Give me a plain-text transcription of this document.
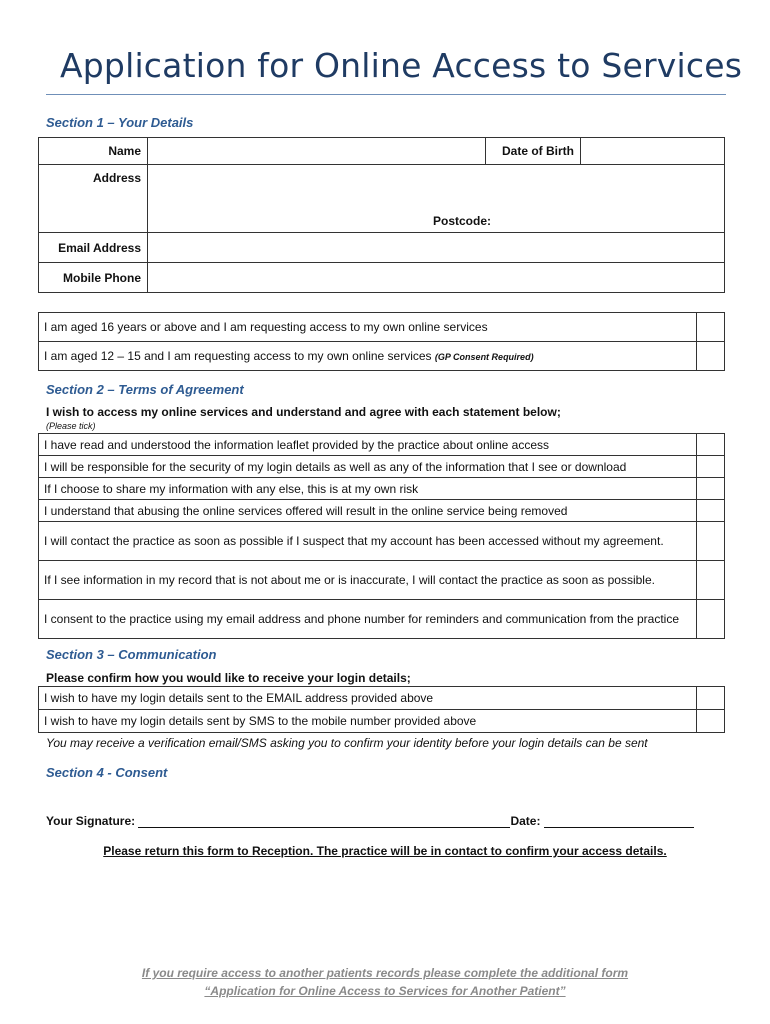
Application for Online Access to Services
Section 1 – Your Details
Name		Date of Birth	
Address	Postcode:		

Email Address			
Mobile Phone			
I am aged 16 years or above and I am requesting access to my own online services	
I am aged 12 – 15 and I am requesting access to my own online services (GP Consent Required)	
Section 2 – Terms of Agreement
I wish to access my online services and understand and agree with each statement below;
(Please tick)
I have read and understood the information leaflet provided by the practice about online access	
I will be responsible for the security of my login details as well as any of the information that I see or download	
If I choose to share my information with any else, this is at my own risk	
I understand that abusing the online services offered will result in the online service being removed	
I will contact the practice as soon as possible if I suspect that my account has been accessed without my agreement.	
If I see information in my record that is not about me or is inaccurate, I will contact the practice as soon as possible.	
I consent to the practice using my email address and phone number for reminders and communication from the practice	
Section 3 – Communication
Please confirm how you would like to receive your login details;
I wish to have my login details sent to the EMAIL address provided above	
I wish to have my login details sent by SMS to the mobile number provided above	
You may receive a verification email/SMS asking you to confirm your identity before your login details can be sent
Section 4 - Consent
Your Signature:	Date:
Please return this form to Reception. The practice will be in contact to confirm your access details.
If you require access to another patients records please complete the additional form
“Application for Online Access to Services for Another Patient”
